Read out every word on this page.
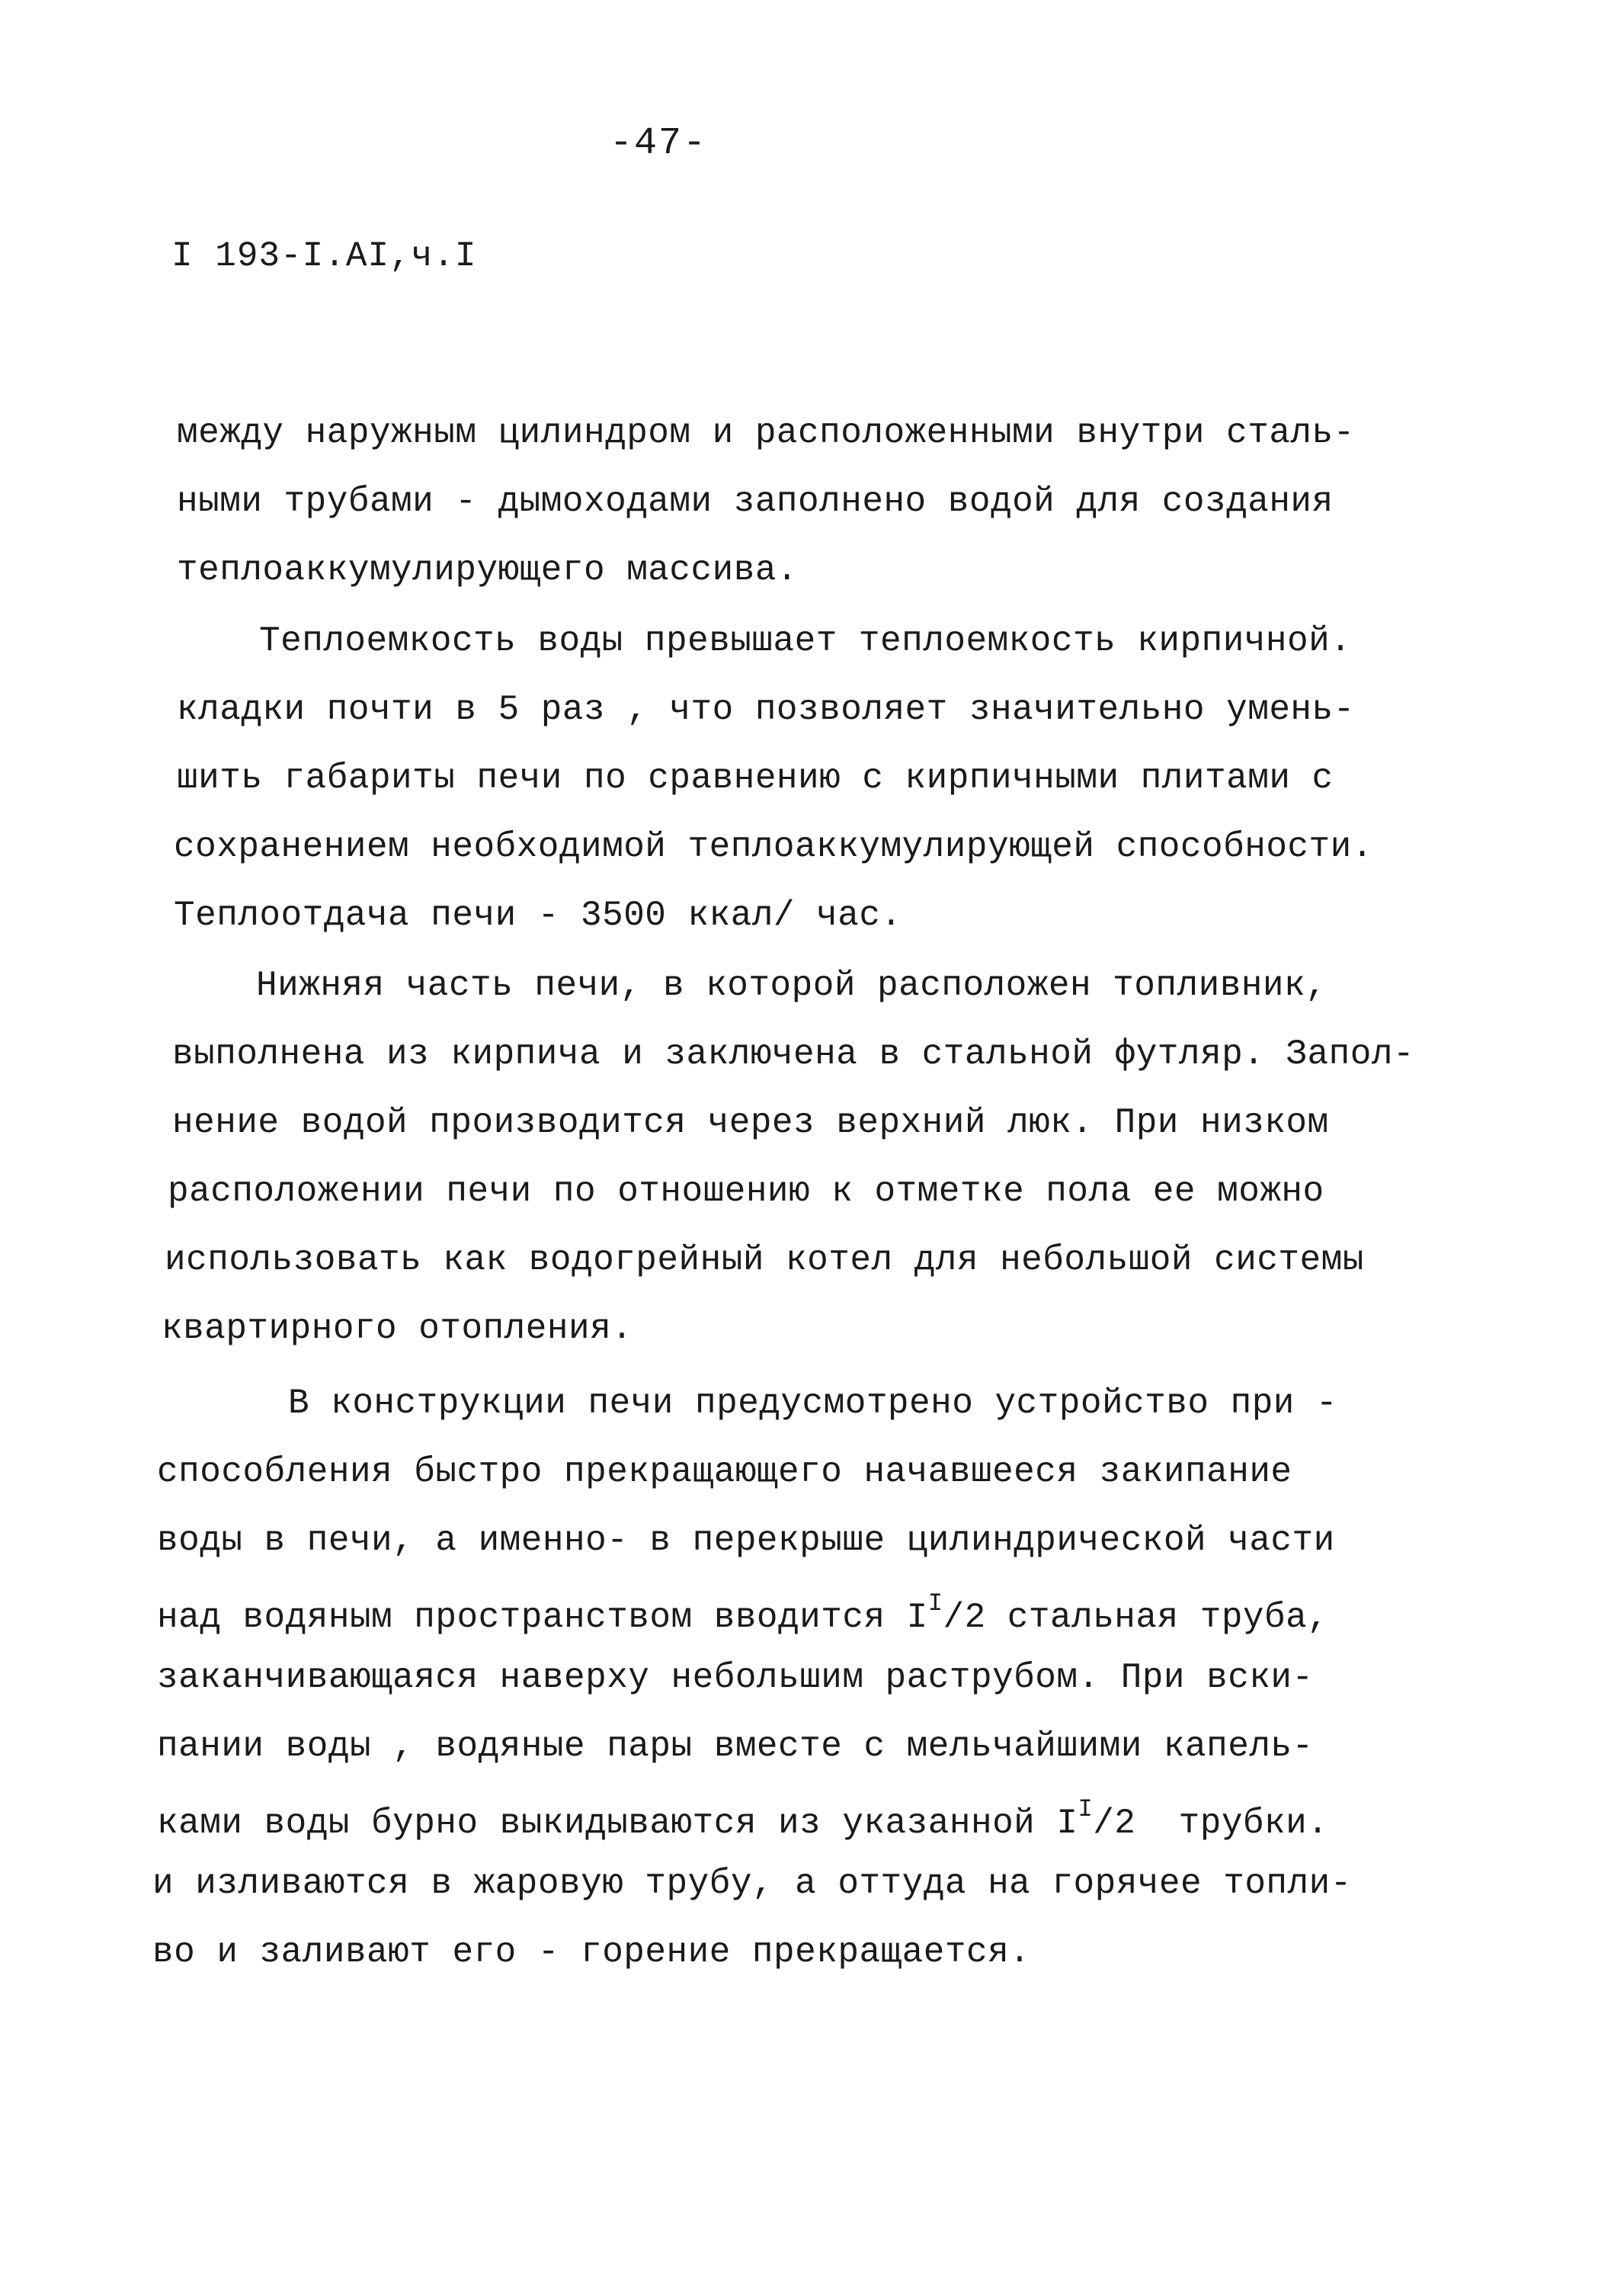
-47-
I 193-I.AI,ч.I
между наружным цилиндром и расположенными внутри сталь-
ными трубами - дымоходами заполнено водой для создания
теплоаккумулирующего массива.
Теплоемкость воды превышает теплоемкость кирпичной.
кладки почти в 5 раз , что позволяет значительно умень-
шить габариты печи по сравнению с кирпичными плитами с
сохранением необходимой теплоаккумулирующей способности.
Теплоотдача печи - 3500 ккал/ час.
Нижняя часть печи, в которой расположен топливник,
выполнена из кирпича и заключена в стальной футляр. Запол-
нение водой производится через верхний люк. При низком
расположении печи по отношению к отметке пола ее можно
использовать как водогрейный котел для небольшой системы
квартирного отопления.
В конструкции печи предусмотрено устройство при -
способления быстро прекращающего начавшееся закипание
воды в печи, а именно- в перекрыше цилиндрической части
над водяным пространством вводится $I^I/2$ стальная труба,
заканчивающаяся наверху небольшим раструбом. При вски-
пании воды , водяные пары вместе с мельчайшими капель-
ками воды бурно выкидываются из указанной $I^I/2$  трубки.
и изливаются в жаровую трубу, а оттуда на горячее топли-
во и заливают его - горение прекращается.
